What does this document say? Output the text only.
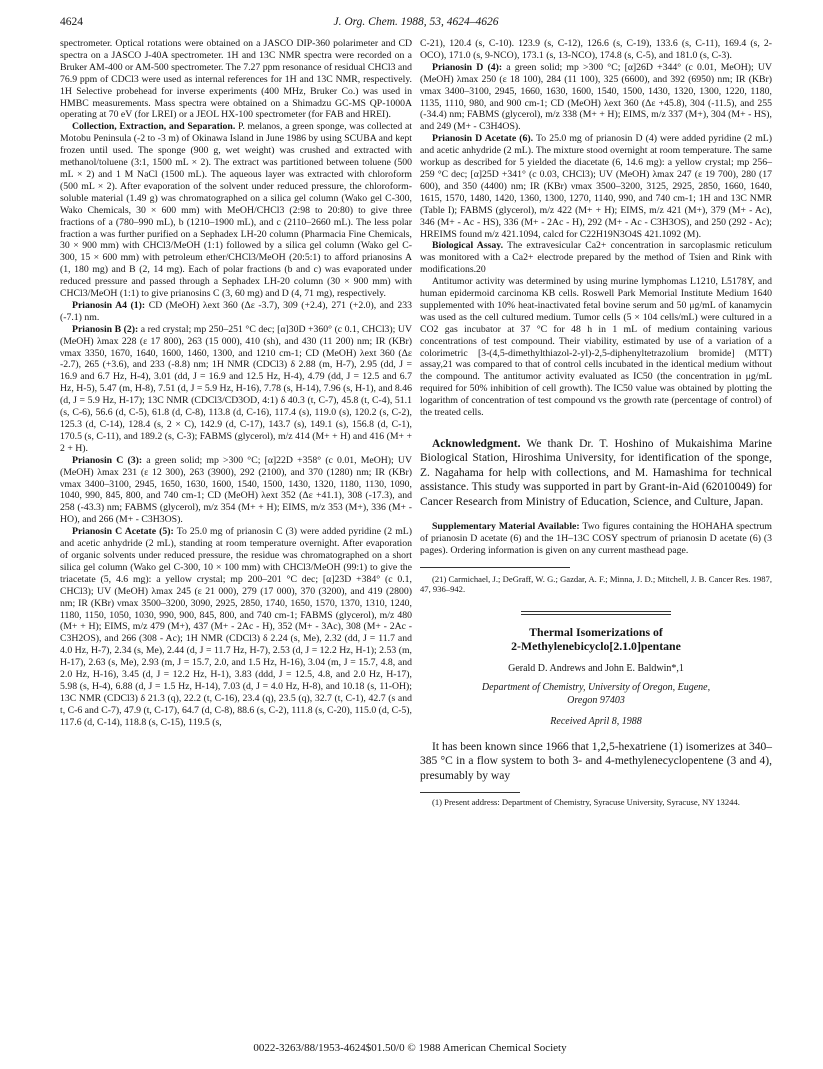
4624	J. Org. Chem. 1988, 53, 4624–4626

spectrometer. Optical rotations were obtained on a JASCO DIP-360 polarimeter and CD spectra on a JASCO J-40A spectrometer. 1H and 13C NMR spectra were recorded on a Bruker AM-400 or AM-500 spectrometer. The 7.27 ppm resonance of residual CHCl3 and 76.9 ppm of CDCl3 were used as internal references for 1H and 13C NMR, respectively. 1H Selective probehead for inverse experiments (400 MHz, Bruker Co.) was used in HMBC measurements. Mass spectra were obtained on a Shimadzu GC-MS QP-1000A operating at 70 eV (for LREI) or a JEOL HX-100 spectrometer (for FAB and HREI).

Collection, Extraction, and Separation. P. melanos, a green sponge, was collected at Motobu Peninsula (-2 to -3 m) of Okinawa Island in June 1986 by using SCUBA and kept frozen until used. The sponge (900 g, wet weight) was crushed and extracted with methanol/toluene (3:1, 1500 mL × 2). The extract was partitioned between toluene (500 mL × 2) and 1 M NaCl (1500 mL). The aqueous layer was extracted with chloroform (500 mL × 2). After evaporation of the solvent under reduced pressure, the chloroform-soluble material (1.49 g) was chromatographed on a silica gel column (Wako gel C-300, Wako Chemicals, 30 × 600 mm) with MeOH/CHCl3 (2:98 to 20:80) to give three fractions of a (780–990 mL), b (1210–1900 mL), and c (2110–2660 mL). The less polar fraction a was further purified on a Sephadex LH-20 column (Pharmacia Fine Chemicals, 30 × 900 mm) with CHCl3/MeOH (1:1) followed by a silica gel column (Wako gel C-300, 15 × 600 mm) with petroleum ether/CHCl3/MeOH (20:5:1) to afford prianosins A (1, 180 mg) and B (2, 14 mg). Each of polar fractions (b and c) was evaporated under reduced pressure and passed through a Sephadex LH-20 column (30 × 900 mm) with CHCl3/MeOH (1:1) to give prianosins C (3, 60 mg) and D (4, 71 mg), respectively.

Prianosin A4 (1): CD (MeOH) λext 360 (Δε -3.7), 309 (+2.4), 271 (+2.0), and 233 (-7.1) nm.

Prianosin B (2): a red crystal; mp 250–251 °C dec; [α]30D +360° (c 0.1, CHCl3); UV (MeOH) λmax 228 (ε 17 800), 263 (15 000), 410 (sh), and 430 (11 200) nm; IR (KBr) νmax 3350, 1670, 1640, 1600, 1460, 1300, and 1210 cm-1; CD (MeOH) λext 360 (Δε -2.7), 265 (+3.6), and 233 (-8.8) nm; 1H NMR (CDCl3) δ 2.88 (m, H-7), 2.95 (dd, J = 16.9 and 6.7 Hz, H-4), 3.01 (dd, J = 16.9 and 12.5 Hz, H-4), 4.79 (dd, J = 12.5 and 6.7 Hz, H-5), 5.47 (m, H-8), 7.51 (d, J = 5.9 Hz, H-16), 7.78 (s, H-14), 7.96 (s, H-1), and 8.46 (d, J = 5.9 Hz, H-17); 13C NMR (CDCl3/CD3OD, 4:1) δ 40.3 (t, C-7), 45.8 (t, C-4), 51.1 (s, C-6), 56.6 (d, C-5), 61.8 (d, C-8), 113.8 (d, C-16), 117.4 (s), 119.0 (s), 120.2 (s, C-2), 125.3 (d, C-14), 128.4 (s, 2 × C), 142.9 (d, C-17), 143.7 (s), 149.1 (s), 156.8 (d, C-1), 170.5 (s, C-11), and 189.2 (s, C-3); FABMS (glycerol), m/z 414 (M+ + H) and 416 (M+ + 2 + H).

Prianosin C (3): a green solid; mp >300 °C; [α]22D +358° (c 0.01, MeOH); UV (MeOH) λmax 231 (ε 12 300), 263 (3900), 292 (2100), and 370 (1280) nm; IR (KBr) νmax 3400–3100, 2945, 1650, 1630, 1600, 1540, 1500, 1430, 1320, 1180, 1130, 1090, 1040, 990, 845, 800, and 740 cm-1; CD (MeOH) λext 352 (Δε +41.1), 308 (-17.3), and 258 (-43.3) nm; FABMS (glycerol), m/z 354 (M+ + H); EIMS, m/z 353 (M+), 336 (M+ - HO), and 266 (M+ - C3H3OS).

Prianosin C Acetate (5): To 25.0 mg of prianosin C (3) were added pyridine (2 mL) and acetic anhydride (2 mL), standing at room temperature overnight. After evaporation of organic solvents under reduced pressure, the residue was chromatographed on a short silica gel column (Wako gel C-300, 10 × 100 mm) with CHCl3/MeOH (99:1) to give the triacetate (5, 4.6 mg): a yellow crystal; mp 200–201 °C dec; [α]23D +384° (c 0.1, CHCl3); UV (MeOH) λmax 245 (ε 21 000), 279 (17 000), 370 (3200), and 419 (2800) nm; IR (KBr) νmax 3500–3200, 3090, 2925, 2850, 1740, 1650, 1570, 1370, 1310, 1240, 1180, 1150, 1050, 1030, 990, 900, 845, 800, and 740 cm-1; FABMS (glycerol), m/z 480 (M+ + H); EIMS, m/z 479 (M+), 437 (M+ - 2Ac - H), 352 (M+ - 3Ac), 308 (M+ - 2Ac - C3H2OS), and 266 (308 - Ac); 1H NMR (CDCl3) δ 2.24 (s, Me), 2.32 (dd, J = 11.7 and 4.0 Hz, H-7), 2.34 (s, Me), 2.44 (d, J = 11.7 Hz, H-7), 2.53 (d, J = 12.2 Hz, H-1); 2.53 (m, H-17), 2.63 (s, Me), 2.93 (m, J = 15.7, 2.0, and 1.5 Hz, H-16), 3.04 (m, J = 15.7, 4.8, and 2.0 Hz, H-16), 3.45 (d, J = 12.2 Hz, H-1), 3.83 (ddd, J = 12.5, 4.8, and 2.0 Hz, H-17), 5.98 (s, H-4), 6.88 (d, J = 1.5 Hz, H-14), 7.03 (d, J = 4.0 Hz, H-8), and 10.18 (s, 11-OH); 13C NMR (CDCl3) δ 21.3 (q), 22.2 (t, C-16), 23.4 (q), 23.5 (q), 32.7 (t, C-1), 42.7 (s and t, C-6 and C-7), 47.9 (t, C-17), 64.7 (d, C-8), 88.6 (s, C-2), 111.8 (s, C-20), 115.0 (d, C-5), 117.6 (d, C-14), 118.8 (s, C-15), 119.5 (s,

C-21), 120.4 (s, C-10). 123.9 (s, C-12), 126.6 (s, C-19), 133.6 (s, C-11), 169.4 (s, 2-OCO), 171.0 (s, 9-NCO), 173.1 (s, 13-NCO), 174.8 (s, C-5), and 181.0 (s, C-3).

Prianosin D (4): a green solid; mp >300 °C; [α]26D +344° (c 0.01, MeOH); UV (MeOH) λmax 250 (ε 18 100), 284 (11 100), 325 (6600), and 392 (6950) nm; IR (KBr) νmax 3400–3100, 2945, 1660, 1630, 1600, 1540, 1500, 1430, 1320, 1300, 1220, 1180, 1135, 1110, 980, and 900 cm-1; CD (MeOH) λext 360 (Δε +45.8), 304 (-11.5), and 255 (-34.4) nm; FABMS (glycerol), m/z 338 (M+ + H); EIMS, m/z 337 (M+), 304 (M+ - HS), and 249 (M+ - C3H4OS).

Prianosin D Acetate (6). To 25.0 mg of prianosin D (4) were added pyridine (2 mL) and acetic anhydride (2 mL). The mixture stood overnight at room temperature. The same workup as described for 5 yielded the diacetate (6, 14.6 mg): a yellow crystal; mp 256–259 °C dec; [α]25D +341° (c 0.03, CHCl3); UV (MeOH) λmax 247 (ε 19 700), 280 (17 600), and 350 (4400) nm; IR (KBr) νmax 3500–3200, 3125, 2925, 2850, 1660, 1640, 1615, 1570, 1480, 1420, 1360, 1300, 1270, 1140, 990, and 740 cm-1; 1H and 13C NMR (Table I); FABMS (glycerol), m/z 422 (M+ + H); EIMS, m/z 421 (M+), 379 (M+ - Ac), 346 (M+ - Ac - HS), 336 (M+ - 2Ac - H), 292 (M+ - Ac - C3H3OS), and 250 (292 - Ac); HREIMS found m/z 421.1094, calcd for C22H19N3O4S 421.1092 (M).

Biological Assay. The extravesicular Ca2+ concentration in sarcoplasmic reticulum was monitored with a Ca2+ electrode prepared by the method of Tsien and Rink with modifications.20

Antitumor activity was determined by using murine lymphomas L1210, L5178Y, and human epidermoid carcinoma KB cells. Roswell Park Memorial Institute Medium 1640 supplemented with 10% heat-inactivated fetal bovine serum and 50 μg/mL of kanamycin was used as the cell cultured medium. Tumor cells (5 × 104 cells/mL) were cultured in a CO2 gas incubator at 37 °C for 48 h in 1 mL of medium containing various concentrations of test compound. Their viability, estimated by use of a variation of a colorimetric [3-(4,5-dimethylthiazol-2-yl)-2,5-diphenyltetrazolium bromide] (MTT) assay,21 was compared to that of control cells incubated in the identical medium without the compound. The antitumor activity evaluated as IC50 (the concentration in μg/mL required for 50% inhibition of cell growth). The IC50 value was obtained by plotting the logarithm of concentration of test compound vs the growth rate (percentage of control) of the treated cells.

Acknowledgment. We thank Dr. T. Hoshino of Mukaishima Marine Biological Station, Hiroshima University, for identification of the sponge, Z. Nagahama for help with collections, and M. Hamashima for technical assistance. This study was supported in part by Grant-in-Aid (62010049) for Cancer Research from Ministry of Education, Science, and Culture, Japan.

Supplementary Material Available: Two figures containing the HOHAHA spectrum of prianosin D acetate (6) and the 1H–13C COSY spectrum of prianosin D acetate (6) (3 pages). Ordering information is given on any current masthead page.

(21) Carmichael, J.; DeGraff, W. G.; Gazdar, A. F.; Minna, J. D.; Mitchell, J. B. Cancer Res. 1987, 47, 936–942.

Thermal Isomerizations of

2-Methylenebicyclo[2.1.0]pentane

Gerald D. Andrews and John E. Baldwin*,1

Department of Chemistry, University of Oregon, Eugene,

Oregon 97403

Received April 8, 1988

It has been known since 1966 that 1,2,5-hexatriene (1) isomerizes at 340–385 °C in a flow system to both 3- and 4-methylenecyclopentene (3 and 4), presumably by way

(1) Present address: Department of Chemistry, Syracuse University, Syracuse, NY 13244.

0022-3263/88/1953-4624$01.50/0 © 1988 American Chemical Society
